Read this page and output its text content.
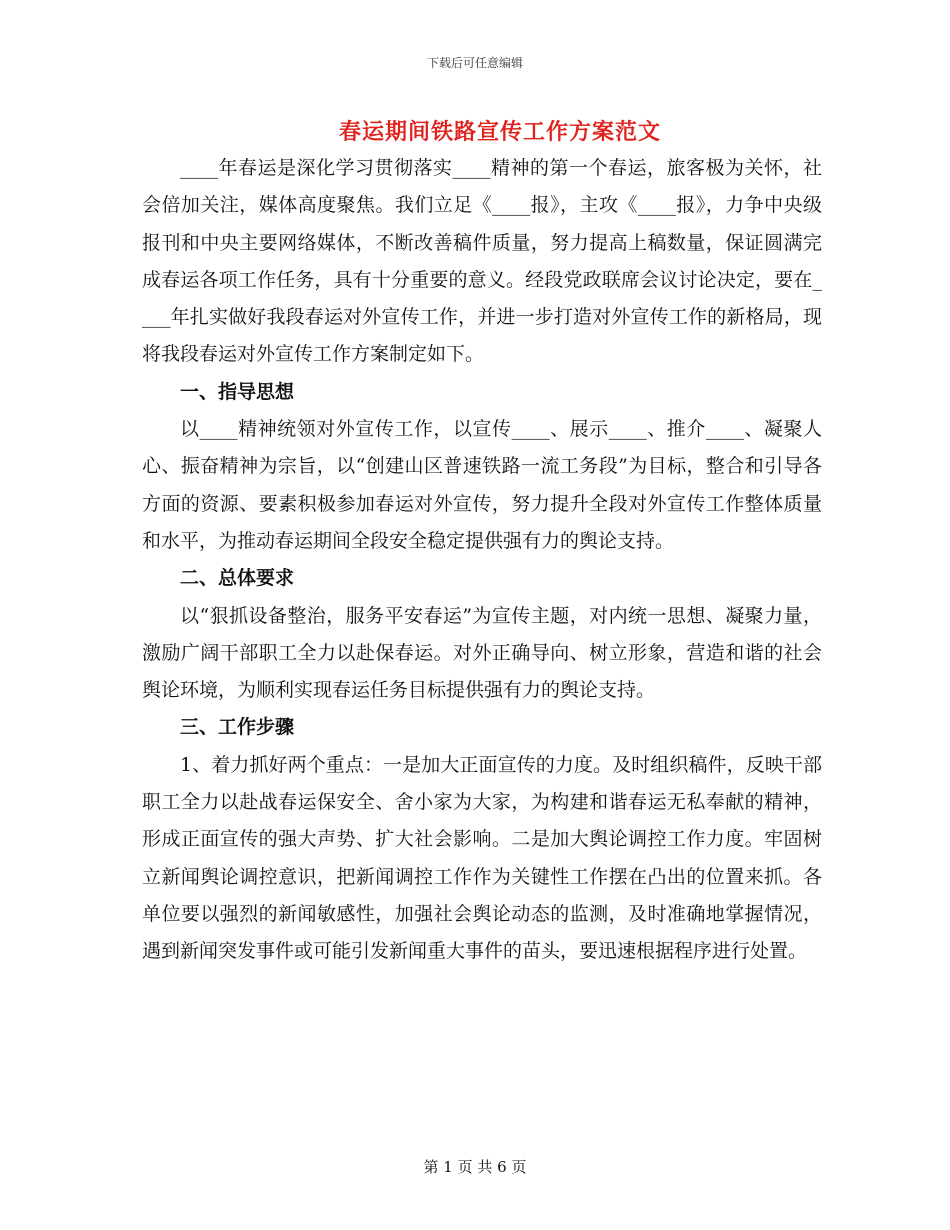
下载后可任意编辑
春运期间铁路宣传工作方案范文

____年春运是深化学习贯彻落实____精神的第一个春运，旅客极为关怀，社会倍加关注，媒体高度聚焦。我们立足《____报》，主攻《____报》，力争中央级报刊和中央主要网络媒体，不断改善稿件质量，努力提高上稿数量，保证圆满完成春运各项工作任务，具有十分重要的意义。经段党政联席会议讨论决定，要在____年扎实做好我段春运对外宣传工作，并进一步打造对外宣传工作的新格局，现将我段春运对外宣传工作方案制定如下。

一、指导思想

以____精神统领对外宣传工作，以宣传____、展示____、推介____、凝聚人心、振奋精神为宗旨，以“创建山区普速铁路一流工务段”为目标，整合和引导各方面的资源、要素积极参加春运对外宣传，努力提升全段对外宣传工作整体质量和水平，为推动春运期间全段安全稳定提供强有力的舆论支持。

二、总体要求

以“狠抓设备整治，服务平安春运”为宣传主题，对内统一思想、凝聚力量，激励广阔干部职工全力以赴保春运。对外正确导向、树立形象，营造和谐的社会舆论环境，为顺利实现春运任务目标提供强有力的舆论支持。

三、工作步骤

1、着力抓好两个重点：一是加大正面宣传的力度。及时组织稿件，反映干部职工全力以赴战春运保安全、舍小家为大家，为构建和谐春运无私奉献的精神，形成正面宣传的强大声势、扩大社会影响。二是加大舆论调控工作力度。牢固树立新闻舆论调控意识，把新闻调控工作作为关键性工作摆在凸出的位置来抓。各单位要以强烈的新闻敏感性，加强社会舆论动态的监测，及时准确地掌握情况，遇到新闻突发事件或可能引发新闻重大事件的苗头，要迅速根据程序进行处置。

第 1 页 共 6 页
